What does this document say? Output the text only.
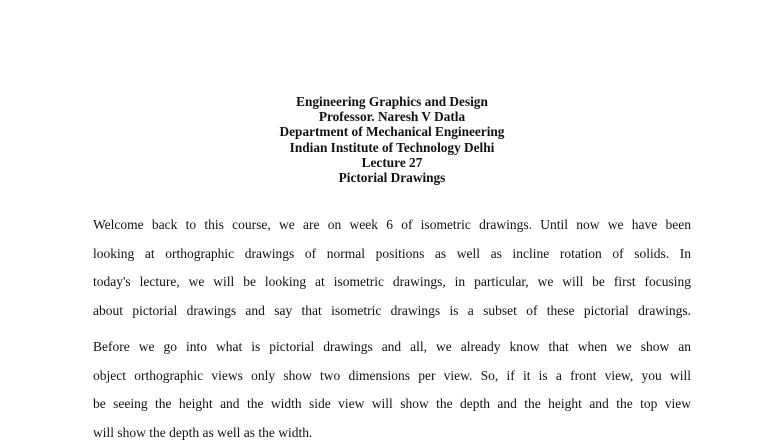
Engineering Graphics and Design
Professor. Naresh V Datla
Department of Mechanical Engineering
Indian Institute of Technology Delhi
Lecture 27
Pictorial Drawings

Welcome back to this course, we are on week 6 of isometric drawings. Until now we have been
looking at orthographic drawings of normal positions as well as incline rotation of solids. In
today's lecture, we will be looking at isometric drawings, in particular, we will be first focusing
about pictorial drawings and say that isometric drawings is a subset of these pictorial drawings.

Before we go into what is pictorial drawings and all, we already know that when we show an
object orthographic views only show two dimensions per view. So, if it is a front view, you will
be seeing the height and the width side view will show the depth and the height and the top view
will show the depth as well as the width.
